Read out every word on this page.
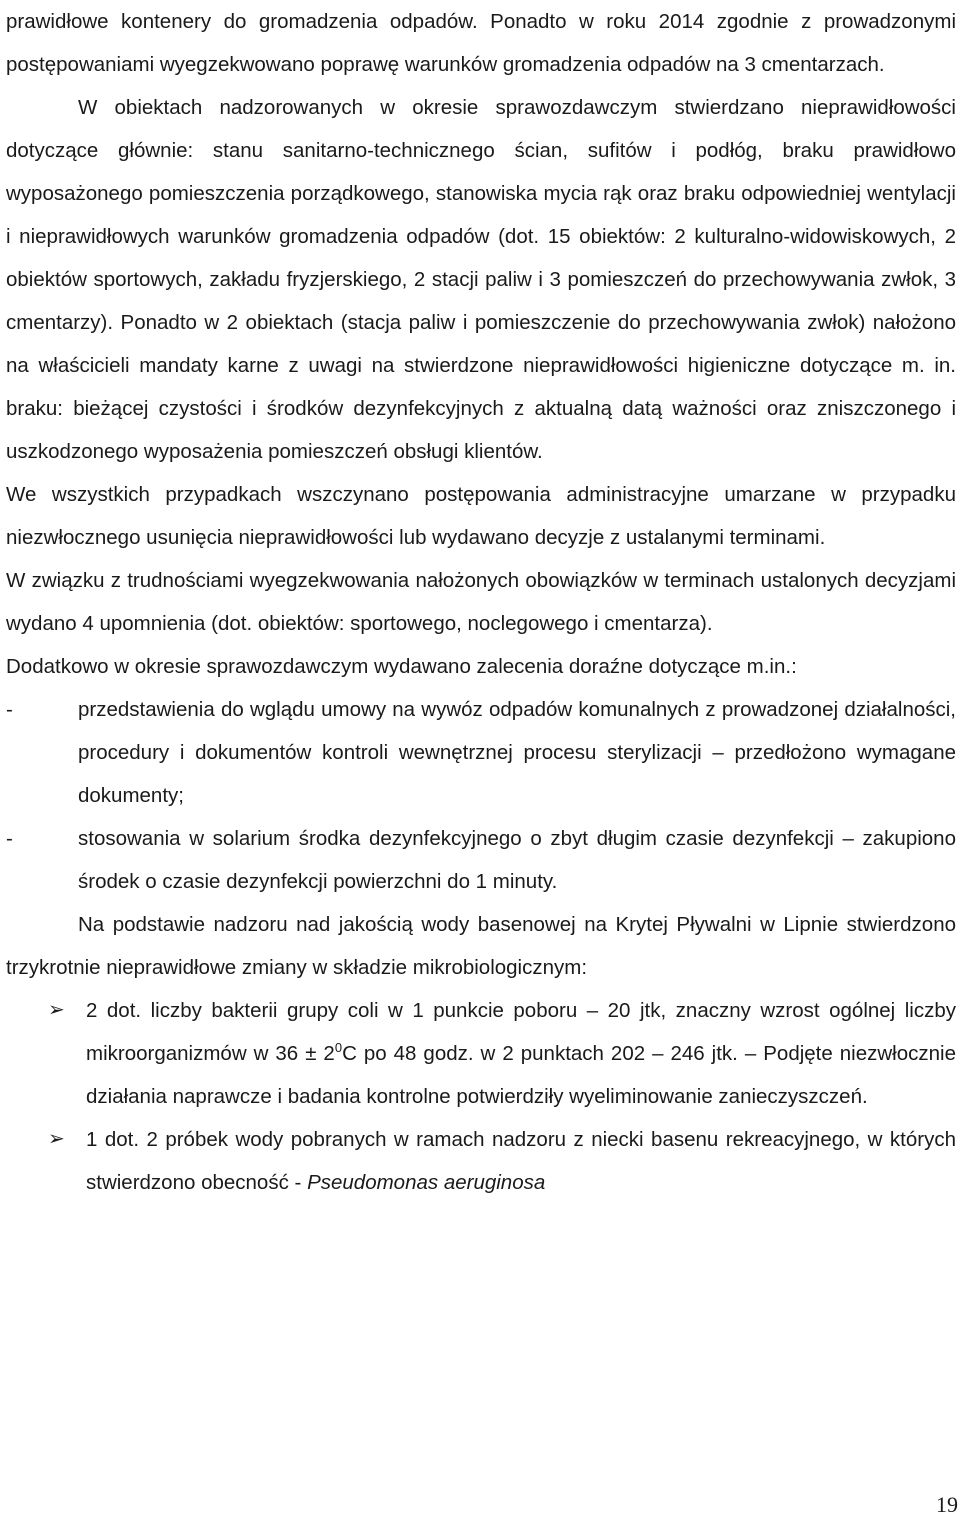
prawidłowe kontenery do gromadzenia odpadów. Ponadto w roku 2014 zgodnie z prowadzonymi postępowaniami wyegzekwowano poprawę warunków gromadzenia odpadów na 3 cmentarzach.

W obiektach nadzorowanych w okresie sprawozdawczym stwierdzano nieprawidłowości dotyczące głównie: stanu sanitarno-technicznego ścian, sufitów i podłóg, braku prawidłowo wyposażonego pomieszczenia porządkowego, stanowiska mycia rąk oraz braku odpowiedniej wentylacji i nieprawidłowych warunków gromadzenia odpadów (dot. 15 obiektów: 2 kulturalno-widowiskowych, 2 obiektów sportowych, zakładu fryzjerskiego, 2 stacji paliw i 3 pomieszczeń do przechowywania zwłok, 3 cmentarzy). Ponadto w 2 obiektach (stacja paliw i pomieszczenie do przechowywania zwłok) nałożono na właścicieli mandaty karne z uwagi na stwierdzone nieprawidłowości higieniczne dotyczące m. in. braku: bieżącej czystości i środków dezynfekcyjnych z aktualną datą ważności oraz zniszczonego i uszkodzonego wyposażenia pomieszczeń obsługi klientów.

We wszystkich przypadkach wszczynano postępowania administracyjne umarzane w przypadku niezwłocznego usunięcia nieprawidłowości lub wydawano decyzje z ustalanymi terminami.

W związku z trudnościami wyegzekwowania nałożonych obowiązków w terminach ustalonych decyzjami wydano 4 upomnienia (dot. obiektów: sportowego, noclegowego i cmentarza).

Dodatkowo w okresie sprawozdawczym wydawano zalecenia doraźne dotyczące m.in.:

-	przedstawienia do wglądu umowy na wywóz odpadów komunalnych z prowadzonej działalności, procedury i dokumentów kontroli wewnętrznej procesu sterylizacji – przedłożono wymagane dokumenty;
-	stosowania w solarium środka dezynfekcyjnego o zbyt długim czasie dezynfekcji – zakupiono środek o czasie dezynfekcji powierzchni do 1 minuty.

Na podstawie nadzoru nad jakością wody basenowej na Krytej Pływalni w Lipnie stwierdzono trzykrotnie nieprawidłowe zmiany w składzie mikrobiologicznym:

➢ 2 dot. liczby bakterii grupy coli w 1 punkcie poboru – 20 jtk, znaczny wzrost ogólnej liczby mikroorganizmów w $36 \pm 2^0C$ po 48 godz. w 2 punktach 202 – 246 jtk. – Podjęte niezwłocznie działania naprawcze i badania kontrolne potwierdziły wyeliminowanie zanieczyszczeń.
➢ 1 dot. 2 próbek wody pobranych w ramach nadzoru z niecki basenu rekreacyjnego, w których stwierdzono obecność - Pseudomonas aeruginosa
19
